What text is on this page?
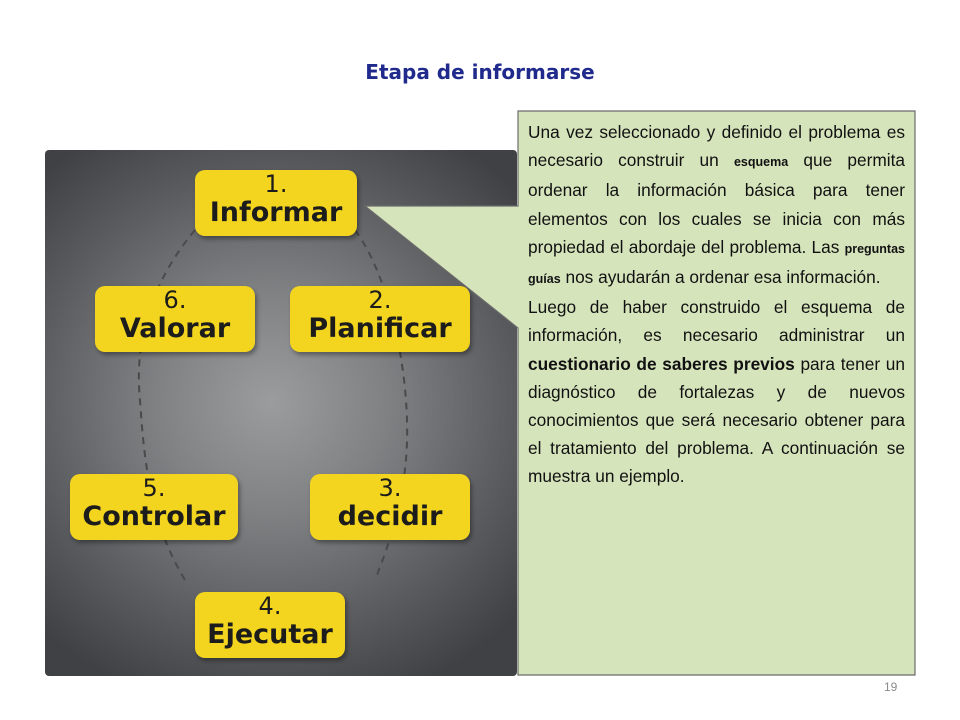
Etapa de informarse
1.
Informar
2.
Planificar
3.
decidir
4.
Ejecutar
5.
Controlar
6.
Valorar

Una vez seleccionado y definido el problema es necesario construir un esquema que permita ordenar la información básica para tener elementos con los cuales se inicia con más propiedad el abordaje del problema. Las preguntas guías nos ayudarán a ordenar esa información.

Luego de haber construido el esquema de información, es necesario administrar un cuestionario de saberes previos para tener un diagnóstico de fortalezas y de nuevos conocimientos que será necesario obtener para el tratamiento del problema. A continuación se muestra un ejemplo.

19
